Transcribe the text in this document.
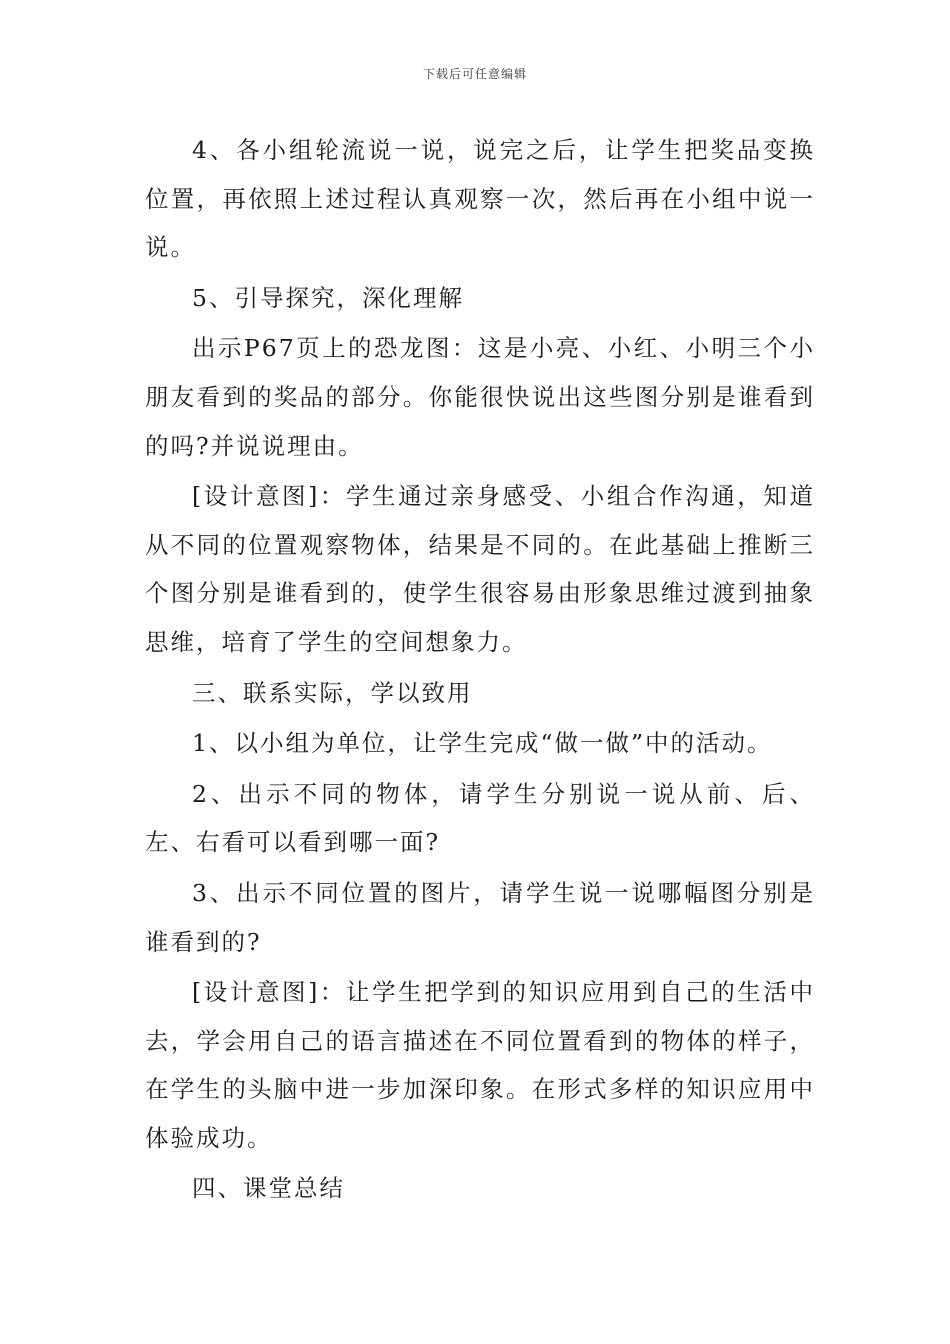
下载后可任意编辑

4、各小组轮流说一说，说完之后，让学生把奖品变换位置，再依照上述过程认真观察一次，然后再在小组中说一说。

5、引导探究，深化理解

出示P67页上的恐龙图：这是小亮、小红、小明三个小朋友看到的奖品的部分。你能很快说出这些图分别是谁看到的吗?并说说理由。

[设计意图]：学生通过亲身感受、小组合作沟通，知道从不同的位置观察物体，结果是不同的。在此基础上推断三个图分别是谁看到的，使学生很容易由形象思维过渡到抽象思维，培育了学生的空间想象力。

三、联系实际，学以致用

1、以小组为单位，让学生完成“做一做”中的活动。

2、出示不同的物体，请学生分别说一说从前、后、左、右看可以看到哪一面?

3、出示不同位置的图片，请学生说一说哪幅图分别是谁看到的?

[设计意图]：让学生把学到的知识应用到自己的生活中去，学会用自己的语言描述在不同位置看到的物体的样子，在学生的头脑中进一步加深印象。在形式多样的知识应用中体验成功。

四、课堂总结
